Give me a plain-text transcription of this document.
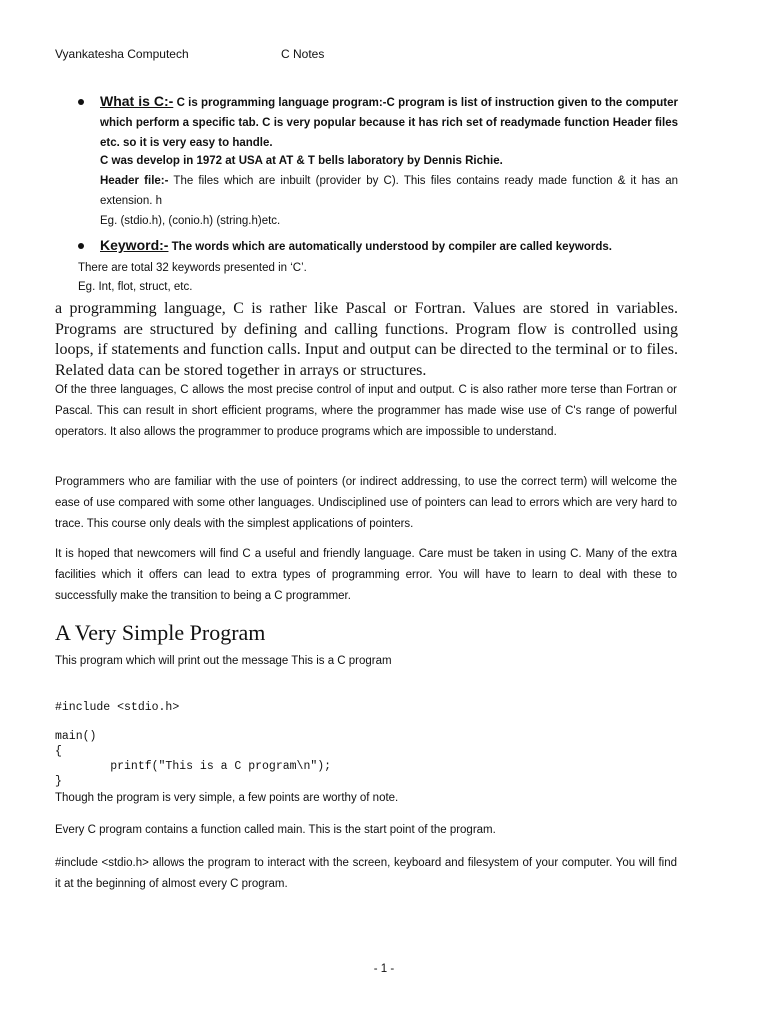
Vyankatesha Computech	C Notes
What is C:- C is programming language program:-C program is list of instruction given to the computer which perform a specific tab. C is very popular because it has rich set of readymade function Header files etc. so it is very easy to handle.
C was develop in 1972 at USA at AT & T bells laboratory by Dennis Richie.
Header file:- The files which are inbuilt (provider by C). This files contains ready made function & it has an extension. h
Eg. (stdio.h), (conio.h) (string.h)etc.
Keyword:- The words which are automatically understood by compiler are called keywords.
There are total 32 keywords presented in ‘C’.
Eg. Int, flot, struct, etc.
a programming language, C is rather like Pascal or Fortran. Values are stored in variables. Programs are structured by defining and calling functions. Program flow is controlled using loops, if statements and function calls. Input and output can be directed to the terminal or to files. Related data can be stored together in arrays or structures.
Of the three languages, C allows the most precise control of input and output. C is also rather more terse than Fortran or Pascal. This can result in short efficient programs, where the programmer has made wise use of C's range of powerful operators. It also allows the programmer to produce programs which are impossible to understand.
Programmers who are familiar with the use of pointers (or indirect addressing, to use the correct term) will welcome the ease of use compared with some other languages. Undisciplined use of pointers can lead to errors which are very hard to trace. This course only deals with the simplest applications of pointers.
It is hoped that newcomers will find C a useful and friendly language. Care must be taken in using C. Many of the extra facilities which it offers can lead to extra types of programming error. You will have to learn to deal with these to successfully make the transition to being a C programmer.
A Very Simple Program
This program which will print out the message This is a C program
#include <stdio.h>

main()
{
printf("This is a C program\n");
}
Though the program is very simple, a few points are worthy of note.
Every C program contains a function called main. This is the start point of the program.
#include <stdio.h> allows the program to interact with the screen, keyboard and filesystem of your computer. You will find it at the beginning of almost every C program.
- 1 -
